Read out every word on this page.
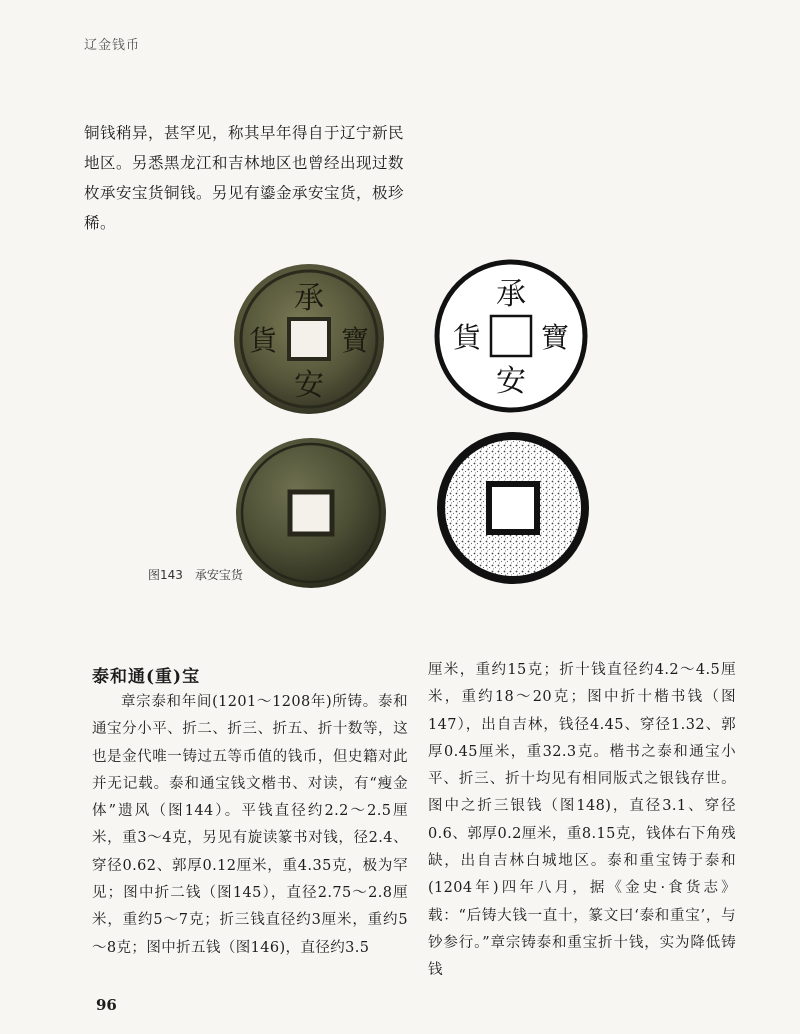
辽金钱币

铜钱稍异，甚罕见，称其早年得自于辽宁新民地区。另悉黑龙江和吉林地区也曾经出现过数枚承安宝货铜钱。另见有鎏金承安宝货，极珍稀。

承
安
寶
貨
承
安
寶
貨
图143 承安宝货
泰和通(重)宝

章宗泰和年间(1201～1208年)所铸。泰和通宝分小平、折二、折三、折五、折十数等，这也是金代唯一铸过五等币值的钱币，但史籍对此并无记载。泰和通宝钱文楷书、对读，有“瘦金体”遗风（图144）。平钱直径约2.2～2.5厘米，重3～4克，另见有旋读篆书对钱，径2.4、穿径0.62、郭厚0.12厘米，重4.35克，极为罕见；图中折二钱（图145），直径2.75～2.8厘米，重约5～7克；折三钱直径约3厘米，重约5～8克；图中折五钱（图146)，直径约3.5

厘米，重约15克；折十钱直径约4.2～4.5厘米，重约18～20克；图中折十楷书钱（图147），出自吉林，钱径4.45、穿径1.32、郭厚0.45厘米，重32.3克。楷书之泰和通宝小平、折三、折十均见有相同版式之银钱存世。图中之折三银钱（图148)，直径3.1、穿径0.6、郭厚0.2厘米，重8.15克，钱体右下角残缺，出自吉林白城地区。泰和重宝铸于泰和(1204年)四年八月，据《金史·食货志》载：“后铸大钱一直十，篆文曰‘泰和重宝’，与钞参行。”章宗铸泰和重宝折十钱，实为降低铸钱

96
